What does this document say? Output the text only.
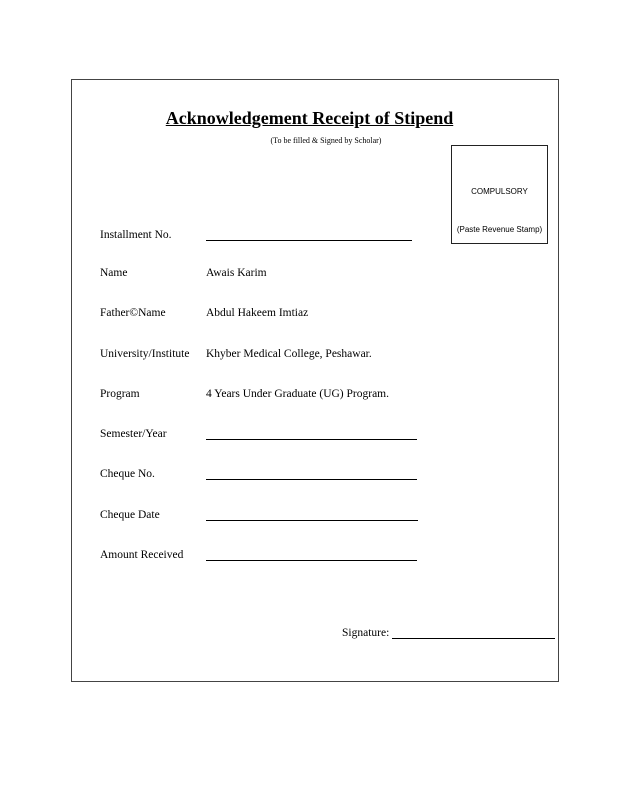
Acknowledgement Receipt of Stipend
(To be filled & Signed by Scholar)
COMPULSORY
(Paste Revenue Stamp)
Installment No.
Name	Awais Karim
Father©Name	Abdul Hakeem Imtiaz
University/Institute Khyber Medical College, Peshawar.
Program	4 Years Under Graduate (UG) Program.
Semester/Year
Cheque No.
Cheque Date
Amount Received
Signature:
